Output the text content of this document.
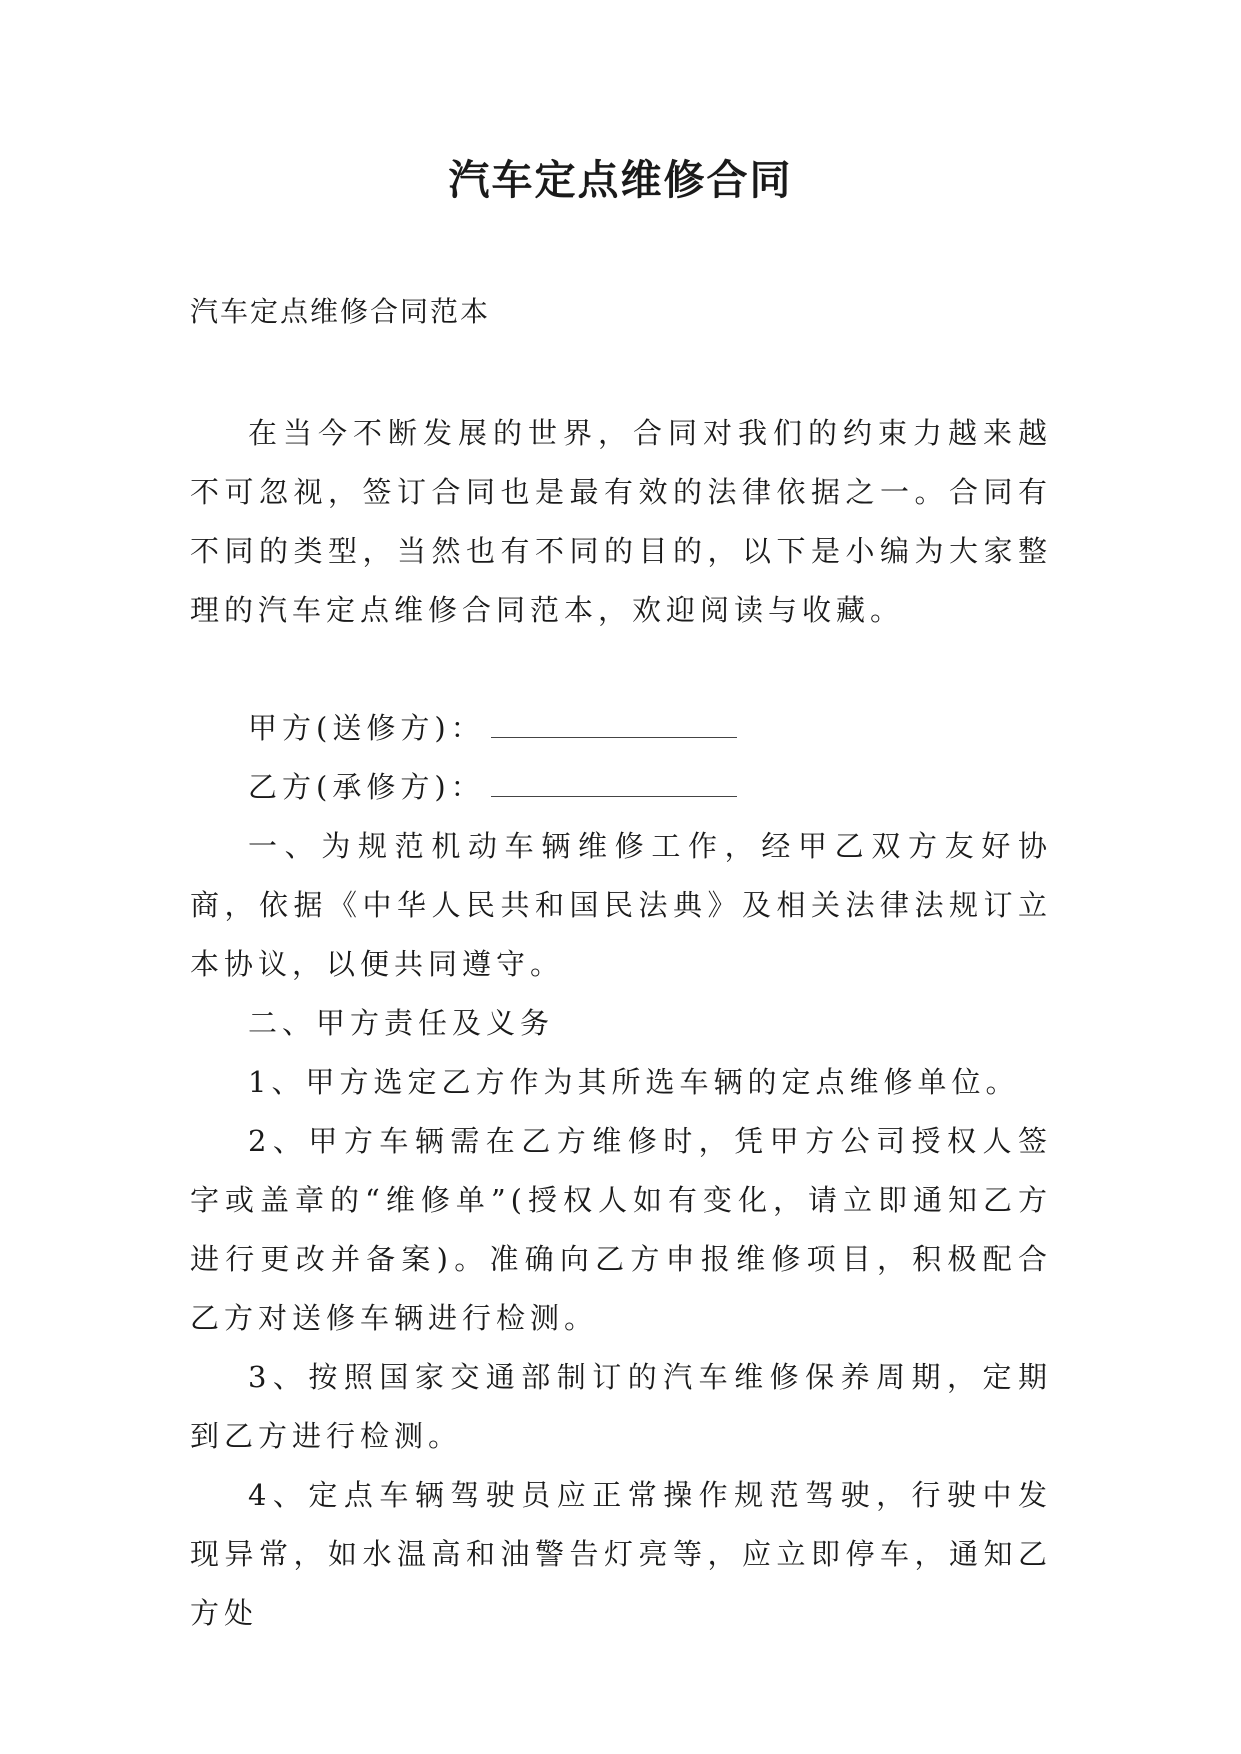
汽车定点维修合同
汽车定点维修合同范本

在当今不断发展的世界，合同对我们的约束力越来越不可忽视，签订合同也是最有效的法律依据之一。合同有不同的类型，当然也有不同的目的，以下是小编为大家整理的汽车定点维修合同范本，欢迎阅读与收藏。

甲方(送修方)：

乙方(承修方)：

一、为规范机动车辆维修工作，经甲乙双方友好协商，依据《中华人民共和国民法典》及相关法律法规订立本协议，以便共同遵守。

二、甲方责任及义务

1、甲方选定乙方作为其所选车辆的定点维修单位。

2、甲方车辆需在乙方维修时，凭甲方公司授权人签字或盖章的“维修单”(授权人如有变化，请立即通知乙方进行更改并备案)。准确向乙方申报维修项目，积极配合乙方对送修车辆进行检测。

3、按照国家交通部制订的汽车维修保养周期，定期到乙方进行检测。

4、定点车辆驾驶员应正常操作规范驾驶，行驶中发现异常，如水温高和油警告灯亮等，应立即停车，通知乙方处
